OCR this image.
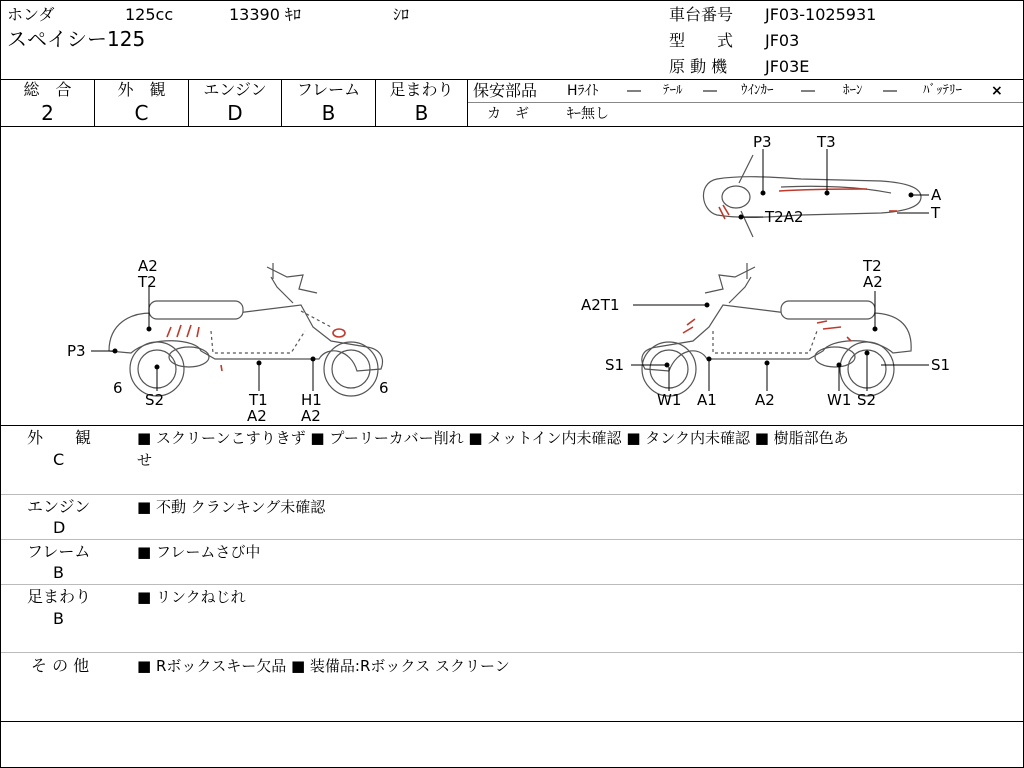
ホンダ	125cc	13390 ｷﾛ	ｼﾛ
スペイシー125
車台番号 JF03-1025931
型　　式 JF03
原 動 機 JF03E
総　合
2
外　観
C
エンジン
D
フレーム
B
足まわり
B
保安部品 Hﾗｲﾄ ― ﾃｰﾙ ― ｳｲﾝｶｰ ― ﾎｰﾝ ― ﾊﾞｯﾃﾘｰ ×
カ　ギ	ｷｰ無し
A2
T2
P3
6
S2	T1
A2
H1
A2
6
T2
A2
A2T1
S1	S1
W1 A1	A2	W1 S2
P3	T3
A
T
T2A2
外　　観
C
■ スクリーンこすりきず ■ プーリーカバー削れ ■ メットイン内未確認 ■ タンク内未確認 ■ 樹脂部色あ
せ
エンジン
D
■ 不動 クランキング未確認
フレーム
B
■ フレームさび中
足まわり
B
■ リンクねじれ
そ の 他	■ Rボックスキー欠品 ■ 装備品:Rボックス スクリーン
